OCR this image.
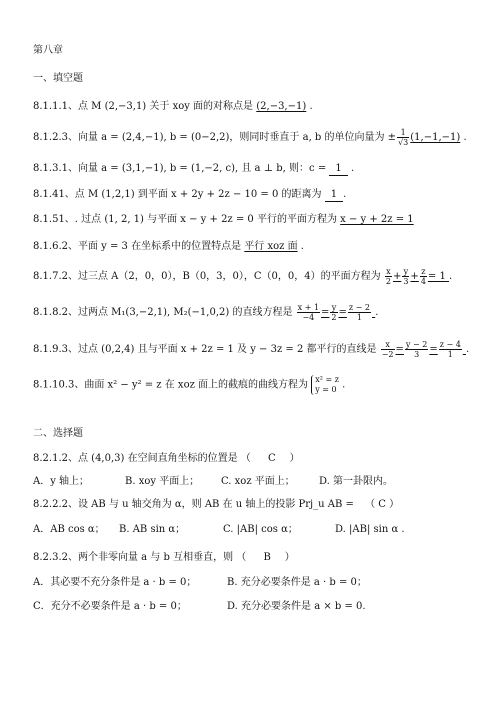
第八章
一、填空题
8.1.1.1、点 M (2,−3,1) 关于 xoy 面的对称点是 (2,−3,−1) .
8.1.2.3、向量 a = (2,4,−1), b = (0−2,2)，则同时垂直于 a, b 的单位向量为 ± $\frac{1}{√3} (1,-1,-1)$ .
8.1.3.1、向量 a = (3,1,−1), b = (1,−2, c), 且 a ⊥ b, 则：c = 1 .
8.1.41、点 M (1,2,1) 到平面 x + 2y + 2z − 10 = 0 的距离为 1 .
8.1.51、. 过点 (1, 2, 1) 与平面 x − y + 2z = 0 平行的平面方程为 x − y + 2z = 1
8.1.6.2、平面 y = 3 在坐标系中的位置特点是 平行 xoz 面 .
8.1.7.2、过三点 A（2，0，0），B（0，3，0），C（0，0，4）的平面方程为 $\frac{x}{2} + \frac{y}{3} + \frac{z}{4} = 1$ .
8.1.8.2、过两点 M₁(3,−2,1), M₂(−1,0,2) 的直线方程是 $\frac{x + 1}{-4} = \frac{y}{2} = \frac{z - 2}{1}$ .
8.1.9.3、过点 (0,2,4) 且与平面 x + 2z = 1 及 y − 3z = 2 都平行的直线是 $\frac{x}{-2} = \frac{y - 2}{3} = \frac{z - 4}{1}$ .
8.1.10.3、曲面 x² − y² = z 在 xoz 面上的截痕的曲线方程为 x² = z
y = 0 .
二、选择题
8.2.1.2、点 (4,0,3) 在空间直角坐标的位置是 （ C ）
A．y 轴上；	B. xoy 平面上； C. xoz 平面上； D. 第一卦限内。
8.2.2.2、设 AB 与 u 轴交角为 α，则 AB 在 u 轴上的投影 Prj_u AB = （ C ）
A．AB cos α； B. AB sin α；	C. |AB| cos α；	D. |AB| sin α .
8.2.3.2、两个非零向量 a 与 b 互相垂直，则 （ B ）
A．其必要不充分条件是 a · b = 0；	B. 充分必要条件是 a · b = 0；
C．充分不必要条件是 a · b = 0；	D. 充分必要条件是 a × b = 0.
